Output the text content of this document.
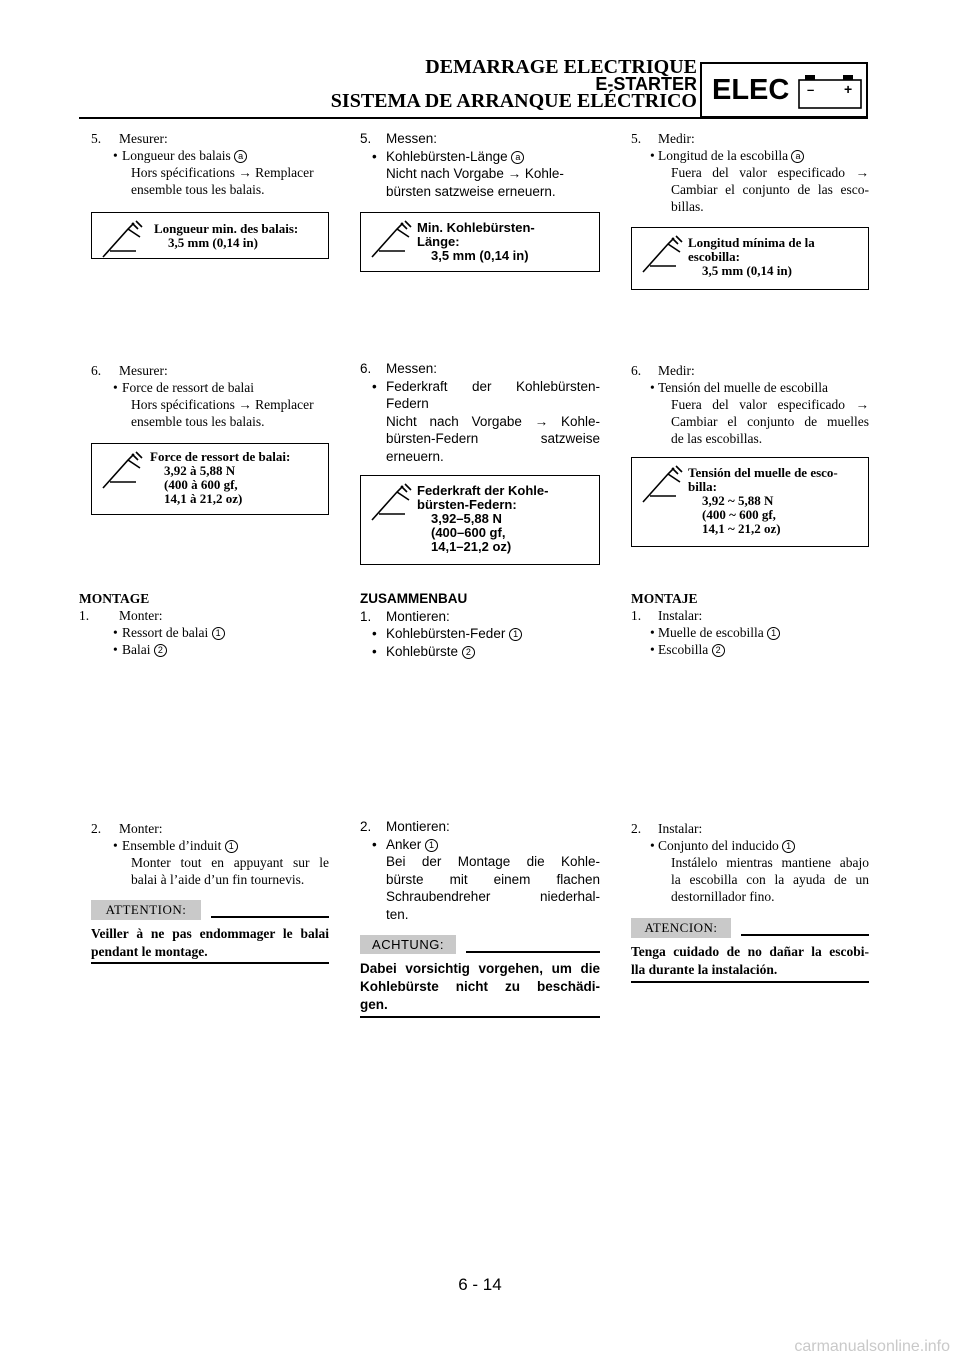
DEMARRAGE ELECTRIQUE
E-STARTER
SISTEMA DE ARRANQUE ELÉCTRICO ELEC – +
5.	Mesurer:
• Longueur des balais a
Hors spécifications → Remplacer
ensemble tous les balais.
Longueur min. des balais:
3,5 mm (0,14 in)
6.	Mesurer:
• Force de ressort de balai
Hors spécifications → Remplacer
ensemble tous les balais.
Force de ressort de balai:
3,92 à 5,88 N
(400 à 600 gf,
14,1 à 21,2 oz)
MONTAGE
1.	Monter:
• Ressort de balai 1
• Balai 2
2.	Monter:
• Ensemble d’induit 1
Monter tout en appuyant sur le
balai à l’aide d’un fin tournevis.
ATTENTION:
Veiller à ne pas endommager le balai
pendant le montage.
5.	Messen:
• Kohlebürsten-Länge a
Nicht nach Vorgabe → Kohle-
bürsten satzweise erneuern.
Min. Kohlebürsten-
Länge:
3,5 mm (0,14 in)
6.	Messen:
• Federkraft der Kohlebürsten-
Federn
Nicht nach Vorgabe → Kohle-
bürsten-Federn satzweise
erneuern.
Federkraft der Kohle-
bürsten-Federn:
3,92–5,88 N
(400–600 gf,
14,1–21,2 oz)
ZUSAMMENBAU
1.	Montieren:
• Kohlebürsten-Feder 1
• Kohlebürste 2
2.	Montieren:
• Anker 1
Bei der Montage die Kohle-
bürste mit einem flachen
Schraubendreher niederhal-
ten.
ACHTUNG:
Dabei vorsichtig vorgehen, um die
Kohlebürste nicht zu beschädi-
gen.
5.	Medir:
• Longitud de la escobilla a
Fuera del valor especificado →
Cambiar el conjunto de las esco-
billas.
Longitud mínima de la
escobilla:
3,5 mm (0,14 in)
6.	Medir:
• Tensión del muelle de escobilla
Fuera del valor especificado →
Cambiar el conjunto de muelles
de las escobillas.
Tensión del muelle de esco-
billa:
3,92 ~ 5,88 N
(400 ~ 600 gf,
14,1 ~ 21,2 oz)
MONTAJE
1.	Instalar:
• Muelle de escobilla 1
• Escobilla 2
2.	Instalar:
• Conjunto del inducido 1
Instálelo mientras mantiene abajo
la escobilla con la ayuda de un
destornillador fino.
ATENCION:
Tenga cuidado de no dañar la escobi-
lla durante la instalación.
6 - 14
carmanualsonline.info
